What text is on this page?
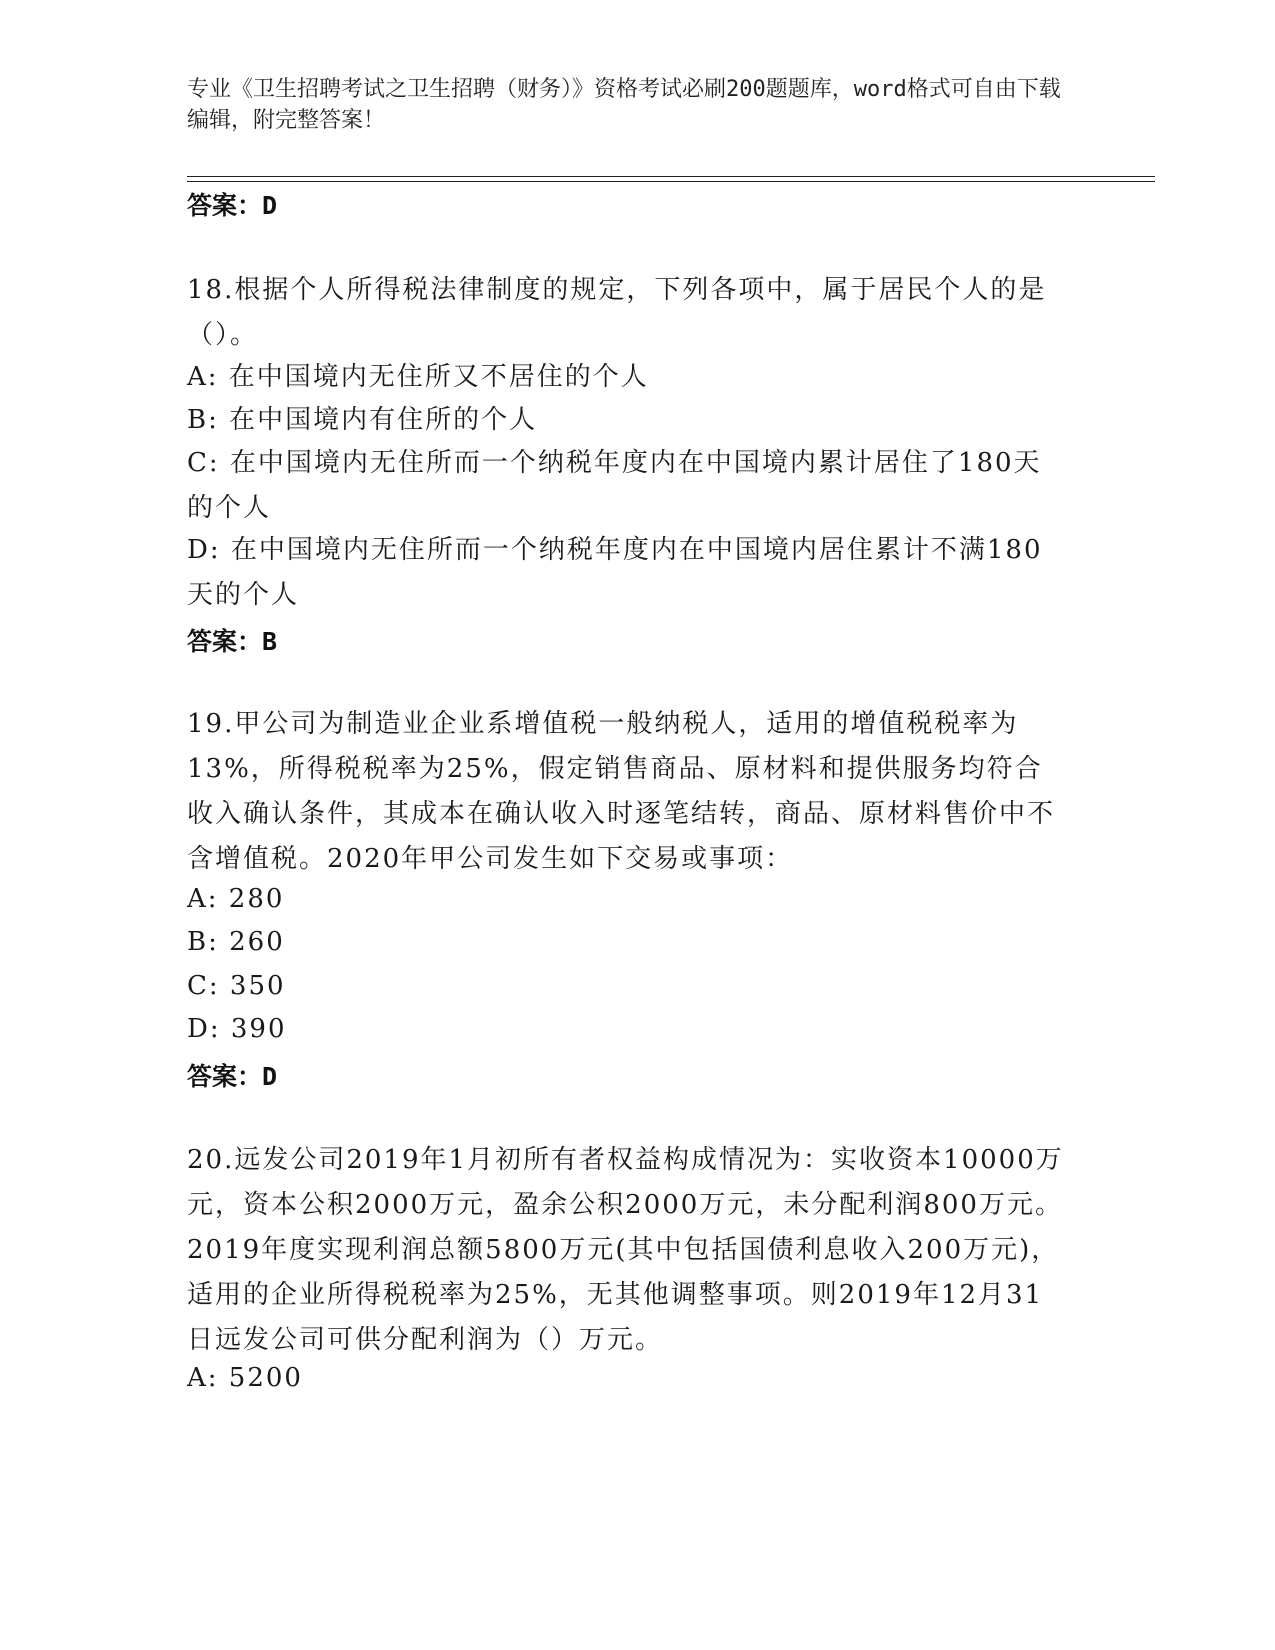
专业《卫生招聘考试之卫生招聘（财务）》资格考试必刷200题题库，word格式可自由下载编辑，附完整答案！
答案：D
18.根据个人所得税法律制度的规定，下列各项中，属于居民个人的是（）。
A: 在中国境内无住所又不居住的个人
B: 在中国境内有住所的个人
C: 在中国境内无住所而一个纳税年度内在中国境内累计居住了180天的个人
D: 在中国境内无住所而一个纳税年度内在中国境内居住累计不满180天的个人
答案：B
19.甲公司为制造业企业系增值税一般纳税人，适用的增值税税率为13%，所得税税率为25%，假定销售商品、原材料和提供服务均符合收入确认条件，其成本在确认收入时逐笔结转，商品、原材料售价中不含增值税。2020年甲公司发生如下交易或事项：
A: 280
B: 260
C: 350
D: 390
答案：D
20.远发公司2019年1月初所有者权益构成情况为：实收资本10000万元，资本公积2000万元，盈余公积2000万元，未分配利润800万元。2019年度实现利润总额5800万元(其中包括国债利息收入200万元)，适用的企业所得税税率为25%，无其他调整事项。则2019年12月31日远发公司可供分配利润为（）万元。
A: 5200
